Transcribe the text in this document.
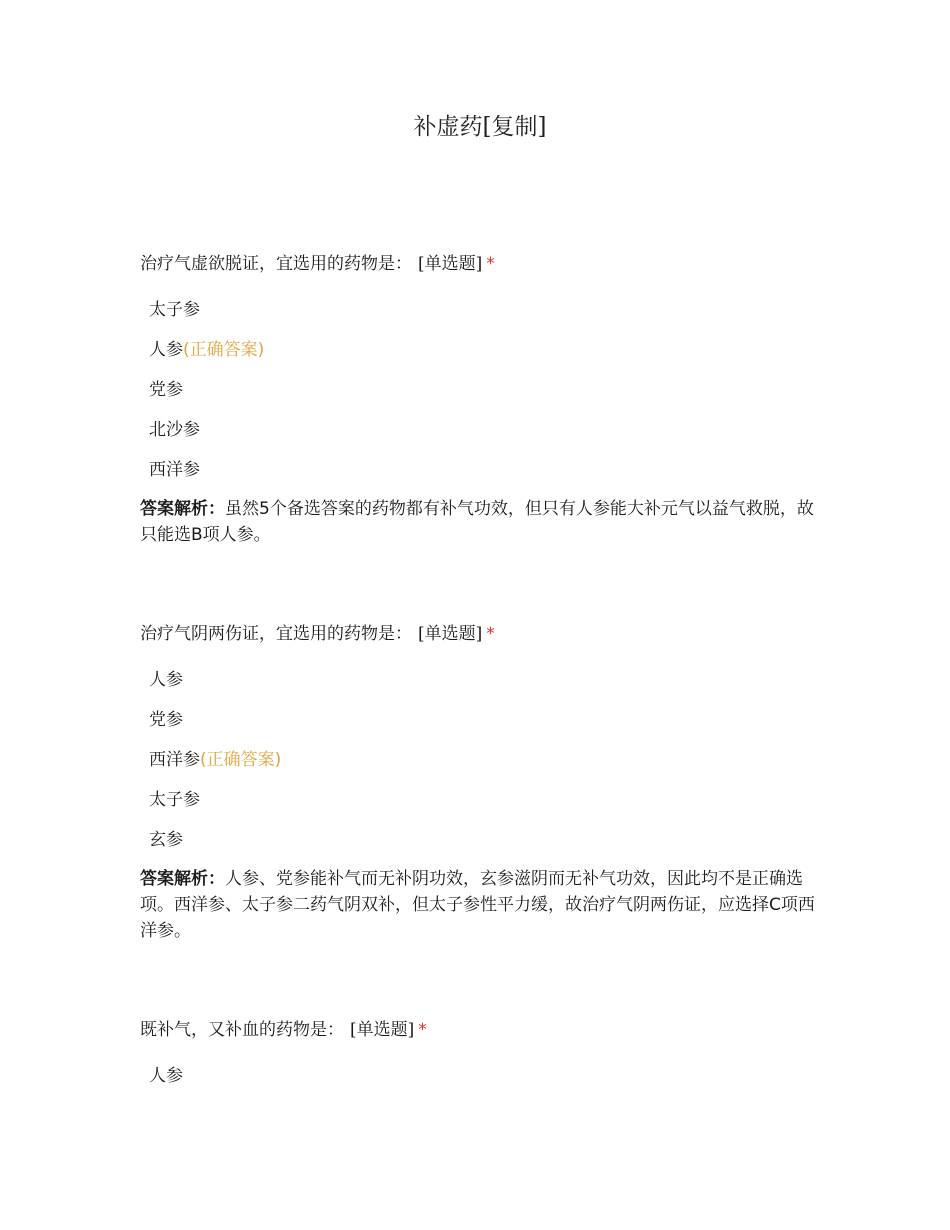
补虚药[复制]
治疗气虚欲脱证，宜选用的药物是： [单选题] *
太子参
人参(正确答案)
党参
北沙参
西洋参
答案解析：虽然5个备选答案的药物都有补气功效，但只有人参能大补元气以益气救脱，故只能选B项人参。
治疗气阴两伤证，宜选用的药物是： [单选题] *
人参
党参
西洋参(正确答案)
太子参
玄参
答案解析：人参、党参能补气而无补阴功效，玄参滋阴而无补气功效，因此均不是正确选项。西洋参、太子参二药气阴双补，但太子参性平力缓，故治疗气阴两伤证，应选择C项西洋参。
既补气，又补血的药物是： [单选题] *
人参
